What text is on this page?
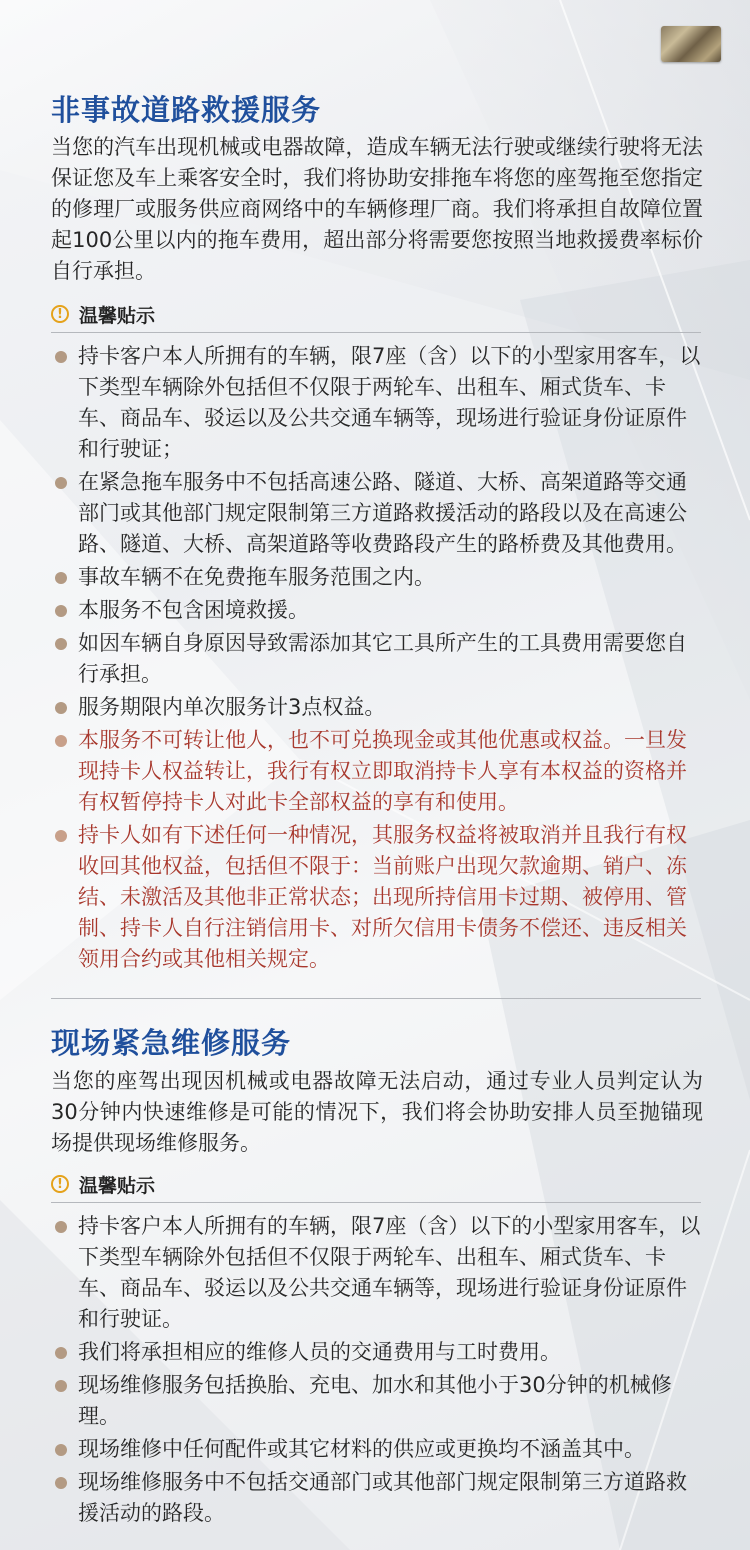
非事故道路救援服务
当您的汽车出现机械或电器故障，造成车辆无法行驶或继续行驶将无法保证您及车上乘客安全时，我们将协助安排拖车将您的座驾拖至您指定的修理厂或服务供应商网络中的车辆修理厂商。我们将承担自故障位置起100公里以内的拖车费用，超出部分将需要您按照当地救援费率标价自行承担。
! 温馨贴示
持卡客户本人所拥有的车辆，限7座（含）以下的小型家用客车，以下类型车辆除外包括但不仅限于两轮车、出租车、厢式货车、卡车、商品车、驳运以及公共交通车辆等，现场进行验证身份证原件和行驶证；
在紧急拖车服务中不包括高速公路、隧道、大桥、高架道路等交通部门或其他部门规定限制第三方道路救援活动的路段以及在高速公路、隧道、大桥、高架道路等收费路段产生的路桥费及其他费用。
事故车辆不在免费拖车服务范围之内。
本服务不包含困境救援。
如因车辆自身原因导致需添加其它工具所产生的工具费用需要您自行承担。
服务期限内单次服务计3点权益。
本服务不可转让他人，也不可兑换现金或其他优惠或权益。一旦发现持卡人权益转让，我行有权立即取消持卡人享有本权益的资格并有权暂停持卡人对此卡全部权益的享有和使用。
持卡人如有下述任何一种情况，其服务权益将被取消并且我行有权收回其他权益，包括但不限于：当前账户出现欠款逾期、销户、冻结、未激活及其他非正常状态；出现所持信用卡过期、被停用、管制、持卡人自行注销信用卡、对所欠信用卡债务不偿还、违反相关领用合约或其他相关规定。
现场紧急维修服务
当您的座驾出现因机械或电器故障无法启动，通过专业人员判定认为30分钟内快速维修是可能的情况下，我们将会协助安排人员至抛锚现场提供现场维修服务。
! 温馨贴示
持卡客户本人所拥有的车辆，限7座（含）以下的小型家用客车，以下类型车辆除外包括但不仅限于两轮车、出租车、厢式货车、卡车、商品车、驳运以及公共交通车辆等，现场进行验证身份证原件和行驶证。
我们将承担相应的维修人员的交通费用与工时费用。
现场维修服务包括换胎、充电、加水和其他小于30分钟的机械修理。
现场维修中任何配件或其它材料的供应或更换均不涵盖其中。
现场维修服务中不包括交通部门或其他部门规定限制第三方道路救援活动的路段。
